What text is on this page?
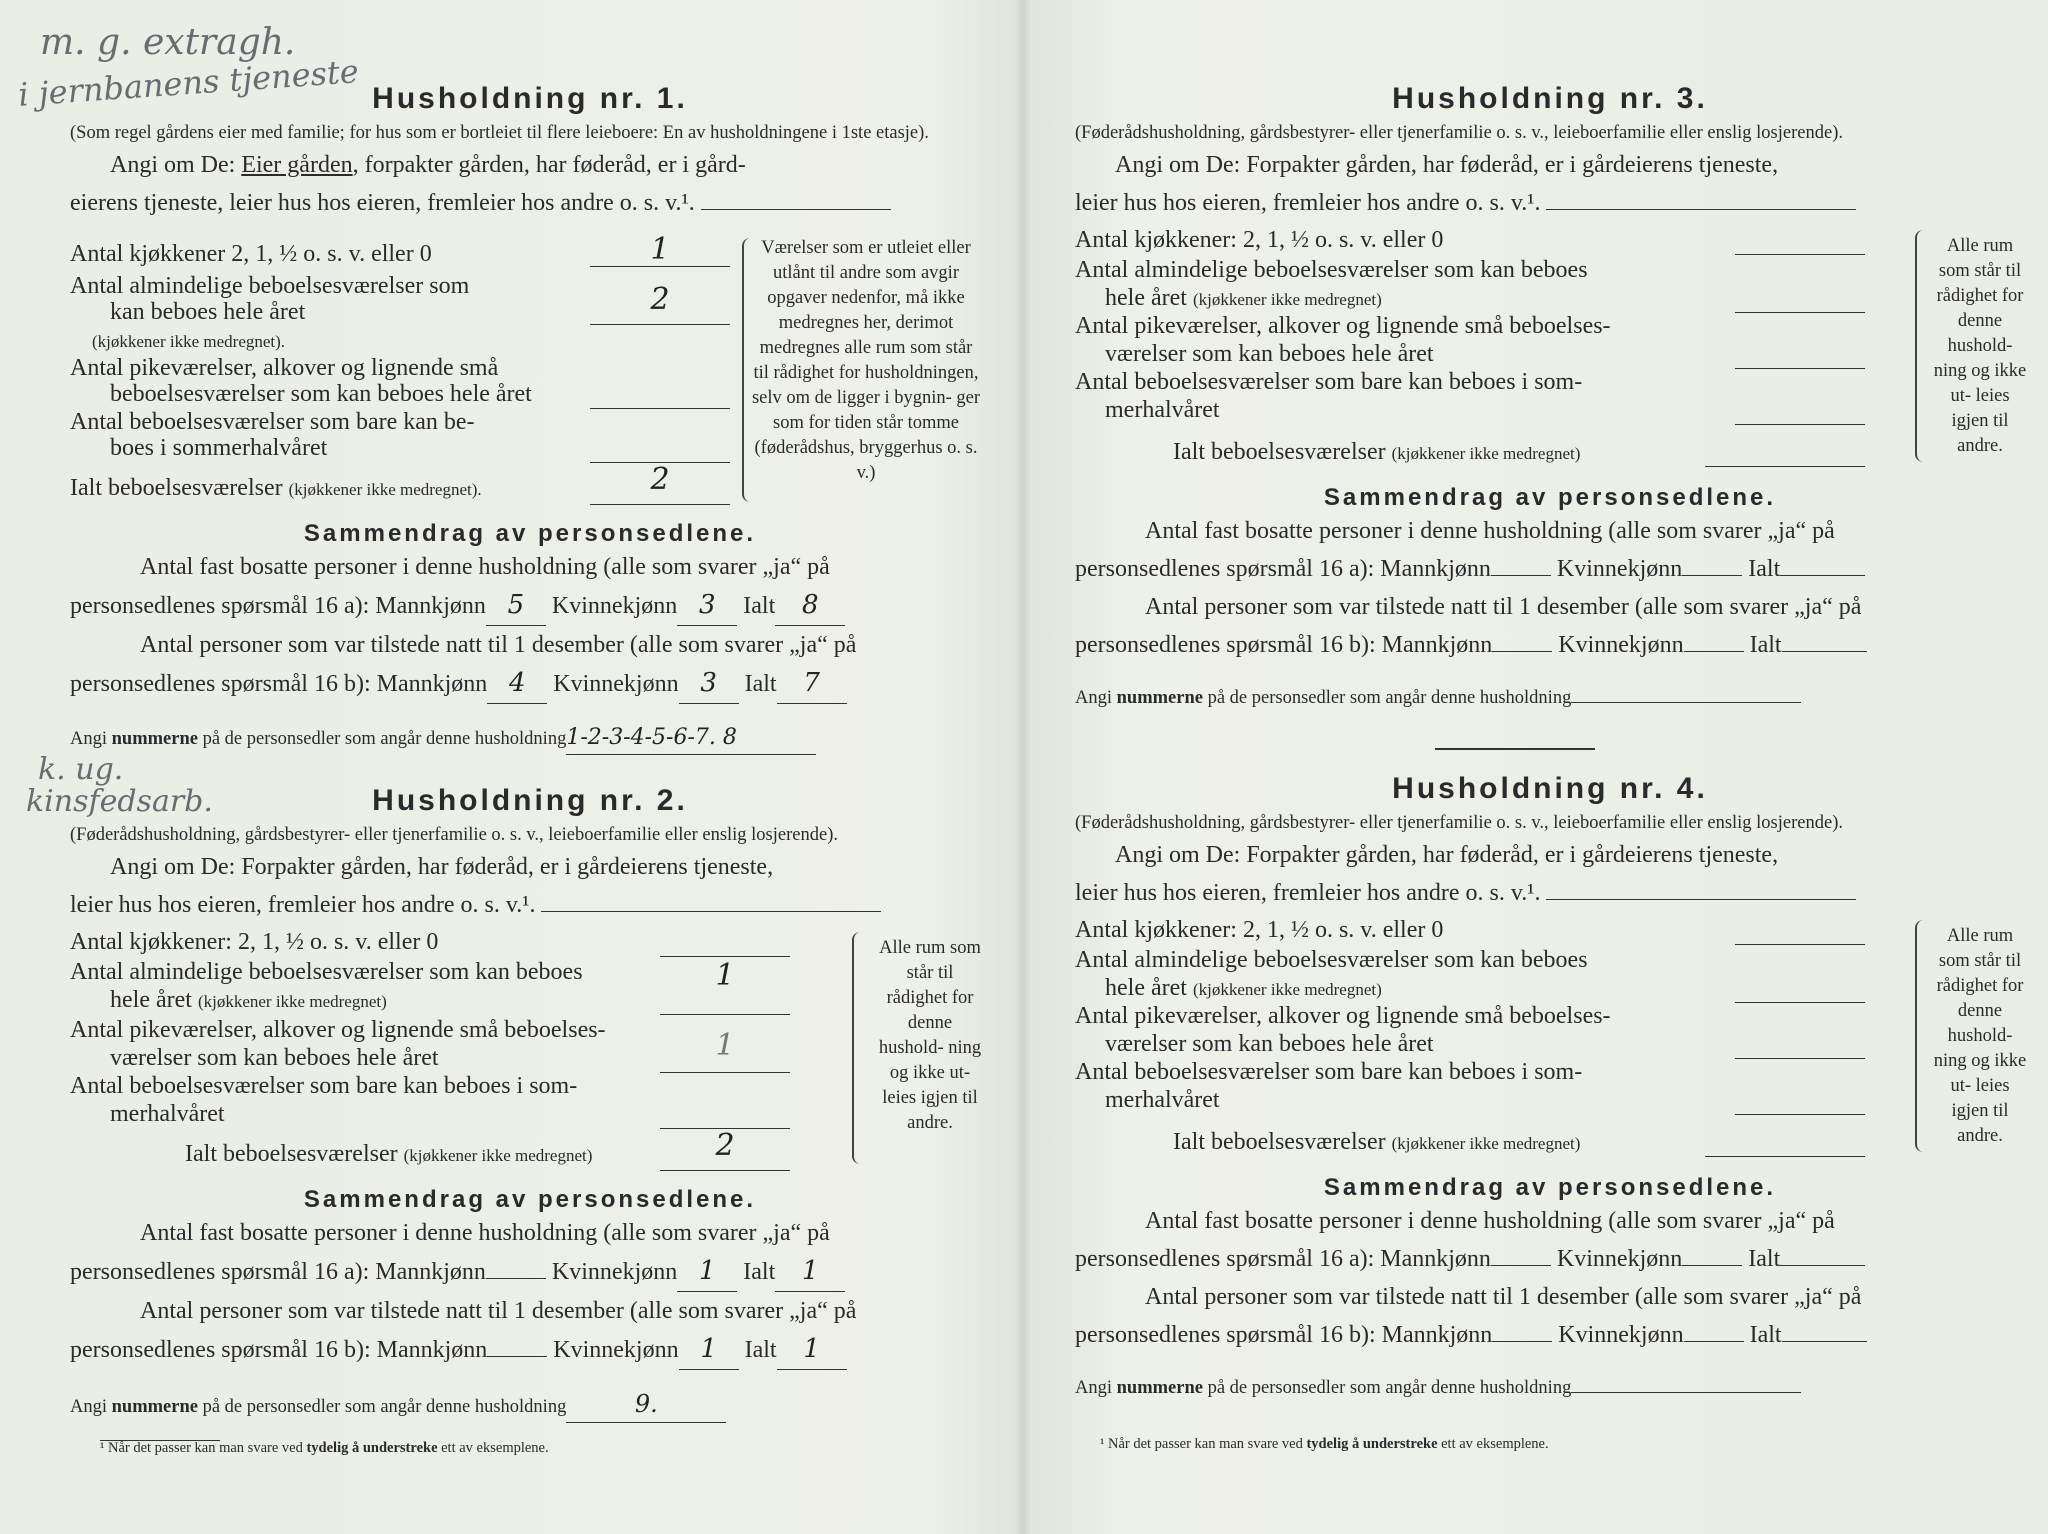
m. g. extragh.
i jernbanens tjeneste Husholdning nr. 1.

(Som regel gårdens eier med familie; for hus som er bortleiet til flere leieboere: En av husholdningene i 1ste etasje).

Angi om De: Eier gården, forpakter gården, har føderåd, er i gård-

eierens tjeneste, leier hus hos eieren, fremleier hos andre o. s. v.¹.

Antal kjøkkener 2, 1, ½ o. s. v. eller 0	1
Antal almindelige beboelsesværelser som
kan beboes hele året
(kjøkkener ikke medregnet).
2
Antal pikeværelser, alkover og lignende små
beboelsesværelser som kan beboes hele året
Antal beboelsesværelser som bare kan be-
boes i sommerhalvåret
Ialt beboelsesværelser (kjøkkener ikke medregnet).	2
Værelser som er utleiet eller utlånt til andre som avgir opgaver nedenfor, må ikke medregnes her, derimot medregnes alle rum som står til rådighet for husholdningen, selv om de ligger i bygnin- ger som for tiden står tomme (føderådshus, bryggerhus o. s. v.)
Sammendrag av personsedlene.

Antal fast bosatte personer i denne husholdning (alle som svarer „ja“ på

personsedlenes spørsmål 16 a): Mannkjønn 5 Kvinnekjønn 3 Ialt 8

Antal personer som var tilstede natt til 1 desember (alle som svarer „ja“ på

personsedlenes spørsmål 16 b): Mannkjønn 4 Kvinnekjønn 3 Ialt 7

Angi nummerne på de personsedler som angår denne husholdning1-2-3-4-5-6-7. 8

k. ug.
kinsfedsarb.	Husholdning nr. 2.

(Føderådshusholdning, gårdsbestyrer- eller tjenerfamilie o. s. v., leieboerfamilie eller enslig losjerende).

Angi om De: Forpakter gården, har føderåd, er i gårdeierens tjeneste,

leier hus hos eieren, fremleier hos andre o. s. v.¹.

Antal kjøkkener: 2, 1, ½ o. s. v. eller 0
Antal almindelige beboelsesværelser som kan beboes
hele året (kjøkkener ikke medregnet)
1
Antal pikeværelser, alkover og lignende små beboelses-
værelser som kan beboes hele året	1
Antal beboelsesværelser som bare kan beboes i som-
merhalvåret
Ialt beboelsesværelser (kjøkkener ikke medregnet)	2
Alle rum som står til rådighet for denne hushold- ning og ikke ut- leies igjen til andre.
Sammendrag av personsedlene.

Antal fast bosatte personer i denne husholdning (alle som svarer „ja“ på

personsedlenes spørsmål 16 a): Mannkjønn	Kvinnekjønn 1 Ialt 1

Antal personer som var tilstede natt til 1 desember (alle som svarer „ja“ på

personsedlenes spørsmål 16 b): Mannkjønn	Kvinnekjønn 1 Ialt 1

Angi nummerne på de personsedler som angår denne husholdning	9.

¹ Når det passer kan man svare ved tydelig å understreke ett av eksemplene.
Husholdning nr. 3.

(Føderådshusholdning, gårdsbestyrer- eller tjenerfamilie o. s. v., leieboerfamilie eller enslig losjerende).

Angi om De: Forpakter gården, har føderåd, er i gårdeierens tjeneste,

leier hus hos eieren, fremleier hos andre o. s. v.¹.

Antal kjøkkener: 2, 1, ½ o. s. v. eller 0
Antal almindelige beboelsesværelser som kan beboes
hele året (kjøkkener ikke medregnet)
Antal pikeværelser, alkover og lignende små beboelses-
værelser som kan beboes hele året
Antal beboelsesværelser som bare kan beboes i som-
merhalvåret
Ialt beboelsesværelser (kjøkkener ikke medregnet)
Alle rum som står til rådighet for denne hushold- ning og ikke ut- leies igjen til andre.
Sammendrag av personsedlene.

Antal fast bosatte personer i denne husholdning (alle som svarer „ja“ på

personsedlenes spørsmål 16 a): Mannkjønn	Kvinnekjønn	Ialt

Antal personer som var tilstede natt til 1 desember (alle som svarer „ja“ på

personsedlenes spørsmål 16 b): Mannkjønn	Kvinnekjønn	Ialt

Angi nummerne på de personsedler som angår denne husholdning

Husholdning nr. 4.

(Føderådshusholdning, gårdsbestyrer- eller tjenerfamilie o. s. v., leieboerfamilie eller enslig losjerende).

Angi om De: Forpakter gården, har føderåd, er i gårdeierens tjeneste,

leier hus hos eieren, fremleier hos andre o. s. v.¹.

Antal kjøkkener: 2, 1, ½ o. s. v. eller 0
Antal almindelige beboelsesværelser som kan beboes
hele året (kjøkkener ikke medregnet)
Antal pikeværelser, alkover og lignende små beboelses-
værelser som kan beboes hele året
Antal beboelsesværelser som bare kan beboes i som-
merhalvåret
Ialt beboelsesværelser (kjøkkener ikke medregnet)
Alle rum som står til rådighet for denne hushold- ning og ikke ut- leies igjen til andre.
Sammendrag av personsedlene.

Antal fast bosatte personer i denne husholdning (alle som svarer „ja“ på

personsedlenes spørsmål 16 a): Mannkjønn	Kvinnekjønn	Ialt

Antal personer som var tilstede natt til 1 desember (alle som svarer „ja“ på

personsedlenes spørsmål 16 b): Mannkjønn	Kvinnekjønn	Ialt

Angi nummerne på de personsedler som angår denne husholdning

¹ Når det passer kan man svare ved tydelig å understreke ett av eksemplene.
